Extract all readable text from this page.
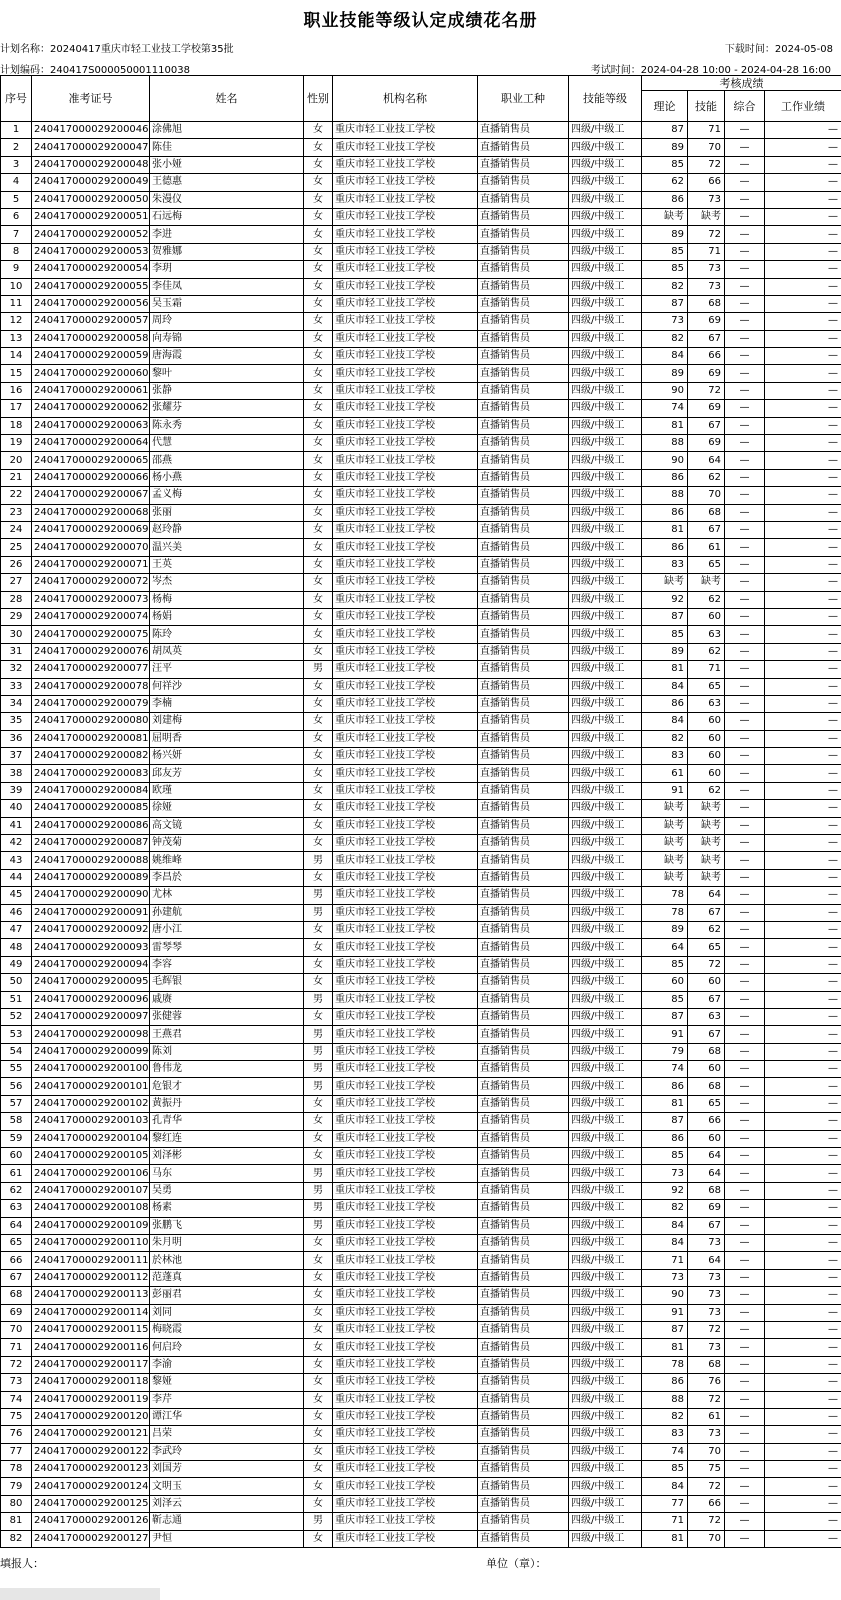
职业技能等级认定成绩花名册
计划名称：20240417重庆市轻工业技工学校第35批	下载时间：2024-05-08
计划编码：240417S000050001110038	考试时间：2024-04-28 10:00 - 2024-04-28 16:00
序号	准考证号	姓名	性别	机构名称	职业工种	技能等级	考核成绩			
							理论	技能	综合	工作业绩
1	240417000029200046	涂佛旭	女	重庆市轻工业技工学校	直播销售员	四级/中级工	87	71	—	—
2	240417000029200047	陈佳	女	重庆市轻工业技工学校	直播销售员	四级/中级工	89	70	—	—
3	240417000029200048	张小娅	女	重庆市轻工业技工学校	直播销售员	四级/中级工	85	72	—	—
4	240417000029200049	王德惠	女	重庆市轻工业技工学校	直播销售员	四级/中级工	62	66	—	—
5	240417000029200050	朱漫仪	女	重庆市轻工业技工学校	直播销售员	四级/中级工	86	73	—	—
6	240417000029200051	石远梅	女	重庆市轻工业技工学校	直播销售员	四级/中级工	缺考	缺考	—	—
7	240417000029200052	李进	女	重庆市轻工业技工学校	直播销售员	四级/中级工	89	72	—	—
8	240417000029200053	贺雅娜	女	重庆市轻工业技工学校	直播销售员	四级/中级工	85	71	—	—
9	240417000029200054	李玥	女	重庆市轻工业技工学校	直播销售员	四级/中级工	85	73	—	—
10	240417000029200055	李佳凤	女	重庆市轻工业技工学校	直播销售员	四级/中级工	82	73	—	—
11	240417000029200056	吴玉霜	女	重庆市轻工业技工学校	直播销售员	四级/中级工	87	68	—	—
12	240417000029200057	周玲	女	重庆市轻工业技工学校	直播销售员	四级/中级工	73	69	—	—
13	240417000029200058	向寿锦	女	重庆市轻工业技工学校	直播销售员	四级/中级工	82	67	—	—
14	240417000029200059	唐海霞	女	重庆市轻工业技工学校	直播销售员	四级/中级工	84	66	—	—
15	240417000029200060	黎叶	女	重庆市轻工业技工学校	直播销售员	四级/中级工	89	69	—	—
16	240417000029200061	张静	女	重庆市轻工业技工学校	直播销售员	四级/中级工	90	72	—	—
17	240417000029200062	张耀芬	女	重庆市轻工业技工学校	直播销售员	四级/中级工	74	69	—	—
18	240417000029200063	陈永秀	女	重庆市轻工业技工学校	直播销售员	四级/中级工	81	67	—	—
19	240417000029200064	代慧	女	重庆市轻工业技工学校	直播销售员	四级/中级工	88	69	—	—
20	240417000029200065	邵燕	女	重庆市轻工业技工学校	直播销售员	四级/中级工	90	64	—	—
21	240417000029200066	杨小燕	女	重庆市轻工业技工学校	直播销售员	四级/中级工	86	62	—	—
22	240417000029200067	孟义梅	女	重庆市轻工业技工学校	直播销售员	四级/中级工	88	70	—	—
23	240417000029200068	张丽	女	重庆市轻工业技工学校	直播销售员	四级/中级工	86	68	—	—
24	240417000029200069	赵玲静	女	重庆市轻工业技工学校	直播销售员	四级/中级工	81	67	—	—
25	240417000029200070	温兴美	女	重庆市轻工业技工学校	直播销售员	四级/中级工	86	61	—	—
26	240417000029200071	王英	女	重庆市轻工业技工学校	直播销售员	四级/中级工	83	65	—	—
27	240417000029200072	岑杰	女	重庆市轻工业技工学校	直播销售员	四级/中级工	缺考	缺考	—	—
28	240417000029200073	杨梅	女	重庆市轻工业技工学校	直播销售员	四级/中级工	92	62	—	—
29	240417000029200074	杨娟	女	重庆市轻工业技工学校	直播销售员	四级/中级工	87	60	—	—
30	240417000029200075	陈玲	女	重庆市轻工业技工学校	直播销售员	四级/中级工	85	63	—	—
31	240417000029200076	胡凤英	女	重庆市轻工业技工学校	直播销售员	四级/中级工	89	62	—	—
32	240417000029200077	汪平	男	重庆市轻工业技工学校	直播销售员	四级/中级工	81	71	—	—
33	240417000029200078	何祥沙	女	重庆市轻工业技工学校	直播销售员	四级/中级工	84	65	—	—
34	240417000029200079	李楠	女	重庆市轻工业技工学校	直播销售员	四级/中级工	86	63	—	—
35	240417000029200080	刘建梅	女	重庆市轻工业技工学校	直播销售员	四级/中级工	84	60	—	—
36	240417000029200081	屈明香	女	重庆市轻工业技工学校	直播销售员	四级/中级工	82	60	—	—
37	240417000029200082	杨兴妍	女	重庆市轻工业技工学校	直播销售员	四级/中级工	83	60	—	—
38	240417000029200083	邱友芳	女	重庆市轻工业技工学校	直播销售员	四级/中级工	61	60	—	—
39	240417000029200084	欧瑾	女	重庆市轻工业技工学校	直播销售员	四级/中级工	91	62	—	—
40	240417000029200085	徐娅	女	重庆市轻工业技工学校	直播销售员	四级/中级工	缺考	缺考	—	—
41	240417000029200086	高文镜	女	重庆市轻工业技工学校	直播销售员	四级/中级工	缺考	缺考	—	—
42	240417000029200087	钟茂菊	女	重庆市轻工业技工学校	直播销售员	四级/中级工	缺考	缺考	—	—
43	240417000029200088	姚维峰	男	重庆市轻工业技工学校	直播销售员	四级/中级工	缺考	缺考	—	—
44	240417000029200089	李昌於	女	重庆市轻工业技工学校	直播销售员	四级/中级工	缺考	缺考	—	—
45	240417000029200090	尤林	男	重庆市轻工业技工学校	直播销售员	四级/中级工	78	64	—	—
46	240417000029200091	孙建航	男	重庆市轻工业技工学校	直播销售员	四级/中级工	78	67	—	—
47	240417000029200092	唐小江	女	重庆市轻工业技工学校	直播销售员	四级/中级工	89	62	—	—
48	240417000029200093	雷琴琴	女	重庆市轻工业技工学校	直播销售员	四级/中级工	64	65	—	—
49	240417000029200094	李容	女	重庆市轻工业技工学校	直播销售员	四级/中级工	85	72	—	—
50	240417000029200095	毛辉银	女	重庆市轻工业技工学校	直播销售员	四级/中级工	60	60	—	—
51	240417000029200096	戚赓	男	重庆市轻工业技工学校	直播销售员	四级/中级工	85	67	—	—
52	240417000029200097	张健蓉	女	重庆市轻工业技工学校	直播销售员	四级/中级工	87	63	—	—
53	240417000029200098	王燕君	男	重庆市轻工业技工学校	直播销售员	四级/中级工	91	67	—	—
54	240417000029200099	陈刘	男	重庆市轻工业技工学校	直播销售员	四级/中级工	79	68	—	—
55	240417000029200100	鲁伟龙	男	重庆市轻工业技工学校	直播销售员	四级/中级工	74	60	—	—
56	240417000029200101	危银才	男	重庆市轻工业技工学校	直播销售员	四级/中级工	86	68	—	—
57	240417000029200102	黄振丹	女	重庆市轻工业技工学校	直播销售员	四级/中级工	81	65	—	—
58	240417000029200103	孔青华	女	重庆市轻工业技工学校	直播销售员	四级/中级工	87	66	—	—
59	240417000029200104	黎红连	女	重庆市轻工业技工学校	直播销售员	四级/中级工	86	60	—	—
60	240417000029200105	刘泽彬	女	重庆市轻工业技工学校	直播销售员	四级/中级工	85	64	—	—
61	240417000029200106	马东	男	重庆市轻工业技工学校	直播销售员	四级/中级工	73	64	—	—
62	240417000029200107	吴勇	男	重庆市轻工业技工学校	直播销售员	四级/中级工	92	68	—	—
63	240417000029200108	杨素	男	重庆市轻工业技工学校	直播销售员	四级/中级工	82	69	—	—
64	240417000029200109	张鹏飞	男	重庆市轻工业技工学校	直播销售员	四级/中级工	84	67	—	—
65	240417000029200110	朱月明	女	重庆市轻工业技工学校	直播销售员	四级/中级工	84	73	—	—
66	240417000029200111	於林池	女	重庆市轻工业技工学校	直播销售员	四级/中级工	71	64	—	—
67	240417000029200112	范蓬真	女	重庆市轻工业技工学校	直播销售员	四级/中级工	73	73	—	—
68	240417000029200113	彭丽君	女	重庆市轻工业技工学校	直播销售员	四级/中级工	90	73	—	—
69	240417000029200114	刘同	女	重庆市轻工业技工学校	直播销售员	四级/中级工	91	73	—	—
70	240417000029200115	梅晓霞	女	重庆市轻工业技工学校	直播销售员	四级/中级工	87	72	—	—
71	240417000029200116	何启玲	女	重庆市轻工业技工学校	直播销售员	四级/中级工	81	73	—	—
72	240417000029200117	李渝	女	重庆市轻工业技工学校	直播销售员	四级/中级工	78	68	—	—
73	240417000029200118	黎娅	女	重庆市轻工业技工学校	直播销售员	四级/中级工	86	76	—	—
74	240417000029200119	李芹	女	重庆市轻工业技工学校	直播销售员	四级/中级工	88	72	—	—
75	240417000029200120	谭江华	女	重庆市轻工业技工学校	直播销售员	四级/中级工	82	61	—	—
76	240417000029200121	吕荣	女	重庆市轻工业技工学校	直播销售员	四级/中级工	83	73	—	—
77	240417000029200122	李武玲	女	重庆市轻工业技工学校	直播销售员	四级/中级工	74	70	—	—
78	240417000029200123	刘国芳	女	重庆市轻工业技工学校	直播销售员	四级/中级工	85	75	—	—
79	240417000029200124	文明玉	女	重庆市轻工业技工学校	直播销售员	四级/中级工	84	72	—	—
80	240417000029200125	刘泽云	女	重庆市轻工业技工学校	直播销售员	四级/中级工	77	66	—	—
81	240417000029200126	靳志通	男	重庆市轻工业技工学校	直播销售员	四级/中级工	71	72	—	—
82	240417000029200127	尹恒	女	重庆市轻工业技工学校	直播销售员	四级/中级工	81	70	—	—
填报人：	单位（章）：
